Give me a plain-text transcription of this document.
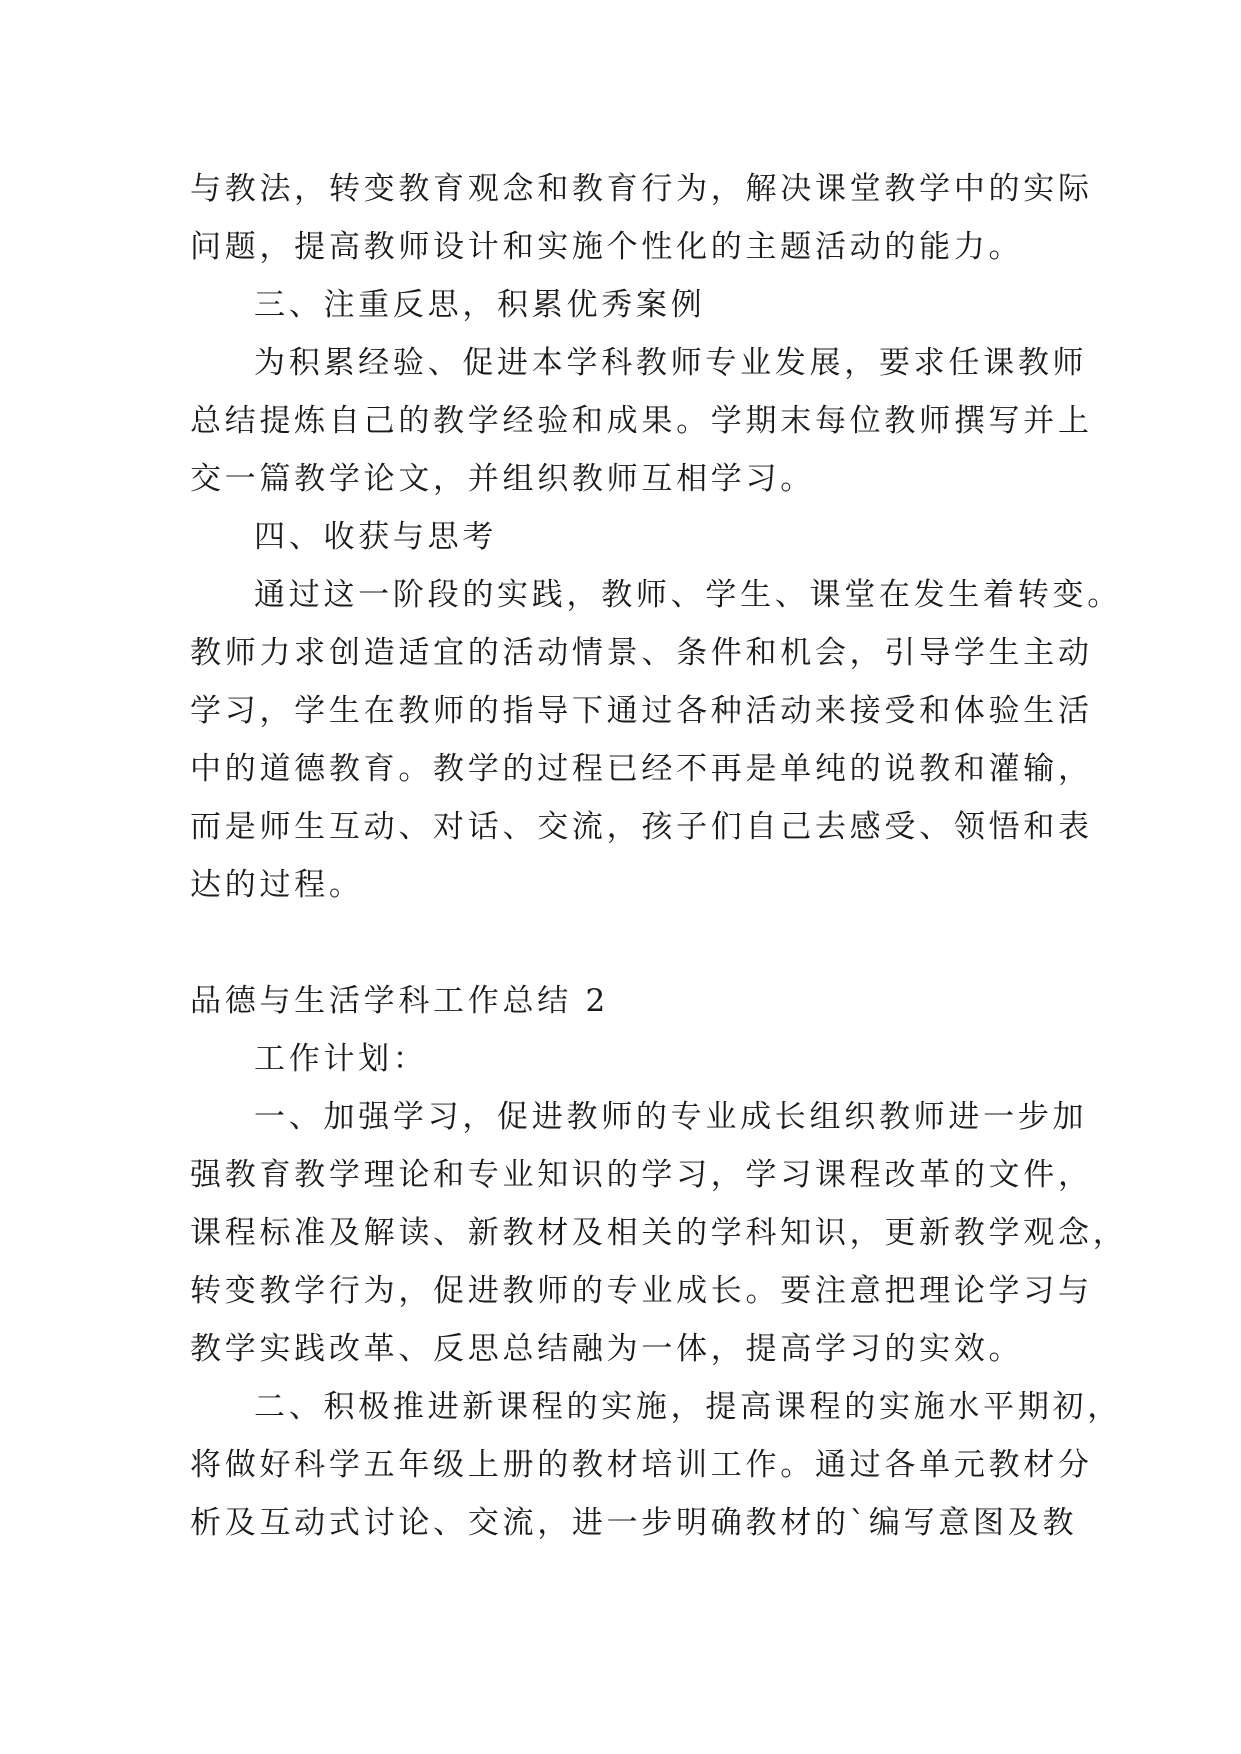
与教法，转变教育观念和教育行为，解决课堂教学中的实际
问题，提高教师设计和实施个性化的主题活动的能力。
三、注重反思，积累优秀案例
为积累经验、促进本学科教师专业发展，要求任课教师
总结提炼自己的教学经验和成果。学期末每位教师撰写并上
交一篇教学论文，并组织教师互相学习。
四、收获与思考
通过这一阶段的实践，教师、学生、课堂在发生着转变。
教师力求创造适宜的活动情景、条件和机会，引导学生主动
学习，学生在教师的指导下通过各种活动来接受和体验生活
中的道德教育。教学的过程已经不再是单纯的说教和灌输，
而是师生互动、对话、交流，孩子们自己去感受、领悟和表
达的过程。
品德与生活学科工作总结 2
工作计划：
一、加强学习，促进教师的专业成长组织教师进一步加
强教育教学理论和专业知识的学习，学习课程改革的文件，
课程标准及解读、新教材及相关的学科知识，更新教学观念，
转变教学行为，促进教师的专业成长。要注意把理论学习与
教学实践改革、反思总结融为一体，提高学习的实效。
二、积极推进新课程的实施，提高课程的实施水平期初，
将做好科学五年级上册的教材培训工作。通过各单元教材分
析及互动式讨论、交流，进一步明确教材的`编写意图及教
